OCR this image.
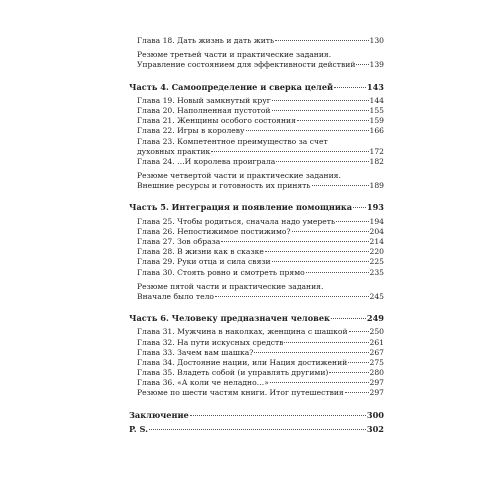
Глава 18. Дать жизнь и дать жить	130
Резюме третьей части и практические задания.
Управление состоянием для эффективности действий 139
Часть 4. Самоопределение и сверка целей	143
Глава 19. Новый замкнутый круг	144
Глава 20. Наполненная пустотой	155
Глава 21. Женщины особого состояния	159
Глава 22. Игры в королеву	166
Глава 23. Компетентное преимущество за счет
духовных практик	172
Глава 24. …И королева проиграла	182
Резюме четвертой части и практические задания.
Внешние ресурсы и готовность их принять	189
Часть 5. Интеграция и появление помощника 193
Глава 25. Чтобы родиться, сначала надо умереть	194
Глава 26. Непостижимое постижимо?	204
Глава 27. Зов образа	214
Глава 28. В жизни как в сказке	220
Глава 29. Руки отца и сила связи	225
Глава 30. Стоять ровно и смотреть прямо	235
Резюме пятой части и практические задания.
Вначале было тело	245
Часть 6. Человеку предназначен человек	249
Глава 31. Мужчина в наколках, женщина с шашкой	250
Глава 32. На пути искусных средств	261
Глава 33. Зачем вам шашка?	267
Глава 34. Достояние нации, или Нация достижений	275
Глава 35. Владеть собой (и управлять другими)	280
Глава 36. «А коли че неладно…»	297
Резюме по шести частям книги. Итог путешествия	297
Заключение	300
P. S.	302
